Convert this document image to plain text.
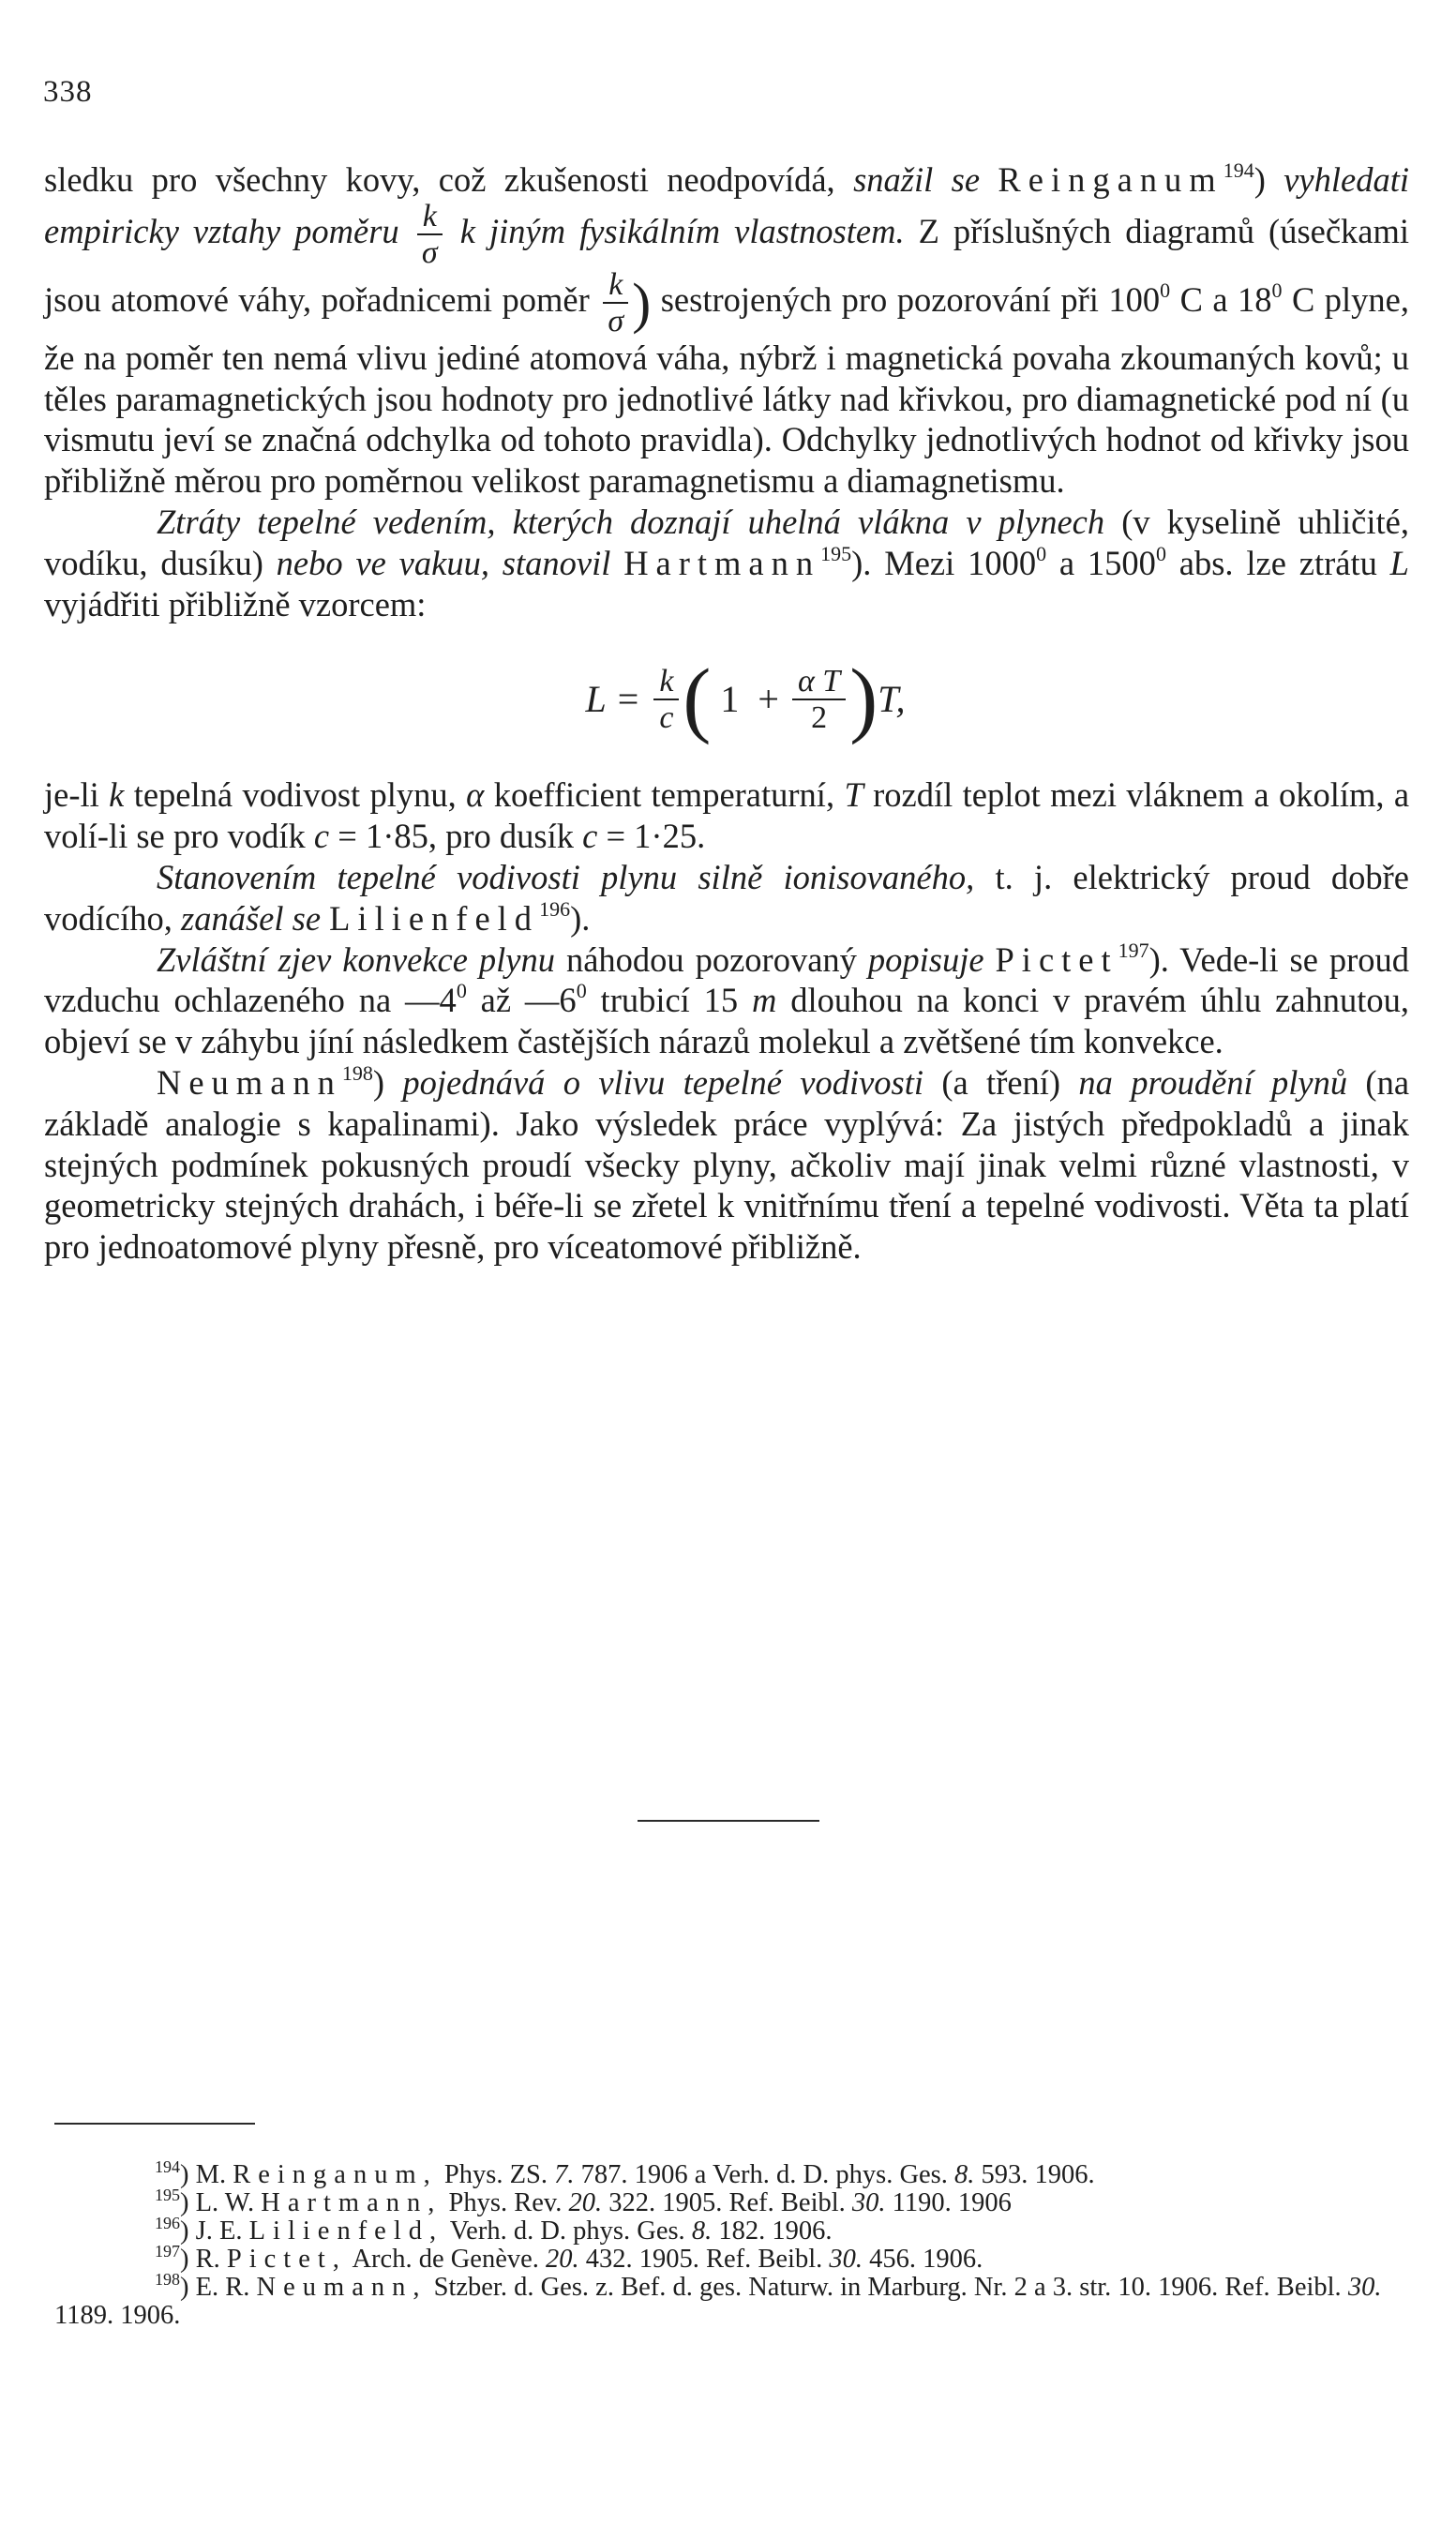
338

sledku pro všechny kovy, což zkušenosti neodpovídá, snažil se Reinganum$^{194}$) vyhledati empiricky vztahy poměru $\frac{k}{\sigma}$ k jiným fysikálním vlastnostem. Z příslušných diagramů (úsečkami jsou atomové váhy, pořadnicemi poměr $\frac{k}{\sigma}$ ) sestrojených pro pozorování při $100^0$ C a $18^0$ C plyne, že na poměr ten nemá vlivu jediné atomová váha, nýbrž i magnetická povaha zkoumaných kovů; u těles paramagnetických jsou hodnoty pro jednotlivé látky nad křivkou, pro diamagnetické pod ní (u vismutu jeví se značná odchylka od tohoto pravidla). Odchylky jednotlivých hodnot od křivky jsou přibližně měrou pro poměrnou velikost paramagnetismu a diamagnetismu.

Ztráty tepelné vedením, kterých doznají uhelná vlákna v plynech (v kyselině uhličité, vodíku, dusíku) nebo ve vakuu, stanovil Hartmann$^{195}$). Mezi 1000$^0$ a 1500$^0$ abs. lze ztrátu L vyjádřiti přibližně vzorcem:

$L = \frac{k}{c}$ ( $1 + \frac{\text{α T}}{2}$ ) T,

je-li k tepelná vodivost plynu, α koefficient temperaturní, T rozdíl teplot mezi vláknem a okolím, a volí-li se pro vodík c = 1·85, pro dusík c = 1·25.

Stanovením tepelné vodivosti plynu silně ionisovaného, t. j. elektrický proud dobře vodícího, zanášel se Lilienfeld$^{196}$).

Zvláštní zjev konvekce plynu náhodou pozorovaný popisuje Pictet$^{197}$). Vede-li se proud vzduchu ochlazeného na $—4^0$ až $—6^0$ trubicí 15 m dlouhou na konci v pravém úhlu zahnutou, objeví se v záhybu jíní následkem častějších nárazů molekul a zvětšené tím konvekce.

Neumann$^{198}$) pojednává o vlivu tepelné vodivosti (a tření) na proudění plynů (na základě analogie s kapalinami). Jako výsledek práce vyplývá: Za jistých předpokladů a jinak stejných podmínek pokusných proudí všecky plyny, ačkoliv mají jinak velmi různé vlastnosti, v geometricky stejných drahách, i béře-li se zřetel k vnitřnímu tření a tepelné vodivosti. Věta ta platí pro jednoatomové plyny přesně, pro víceatomové přibližně.

$^{194}$) M. Reinganum, Phys. ZS. 7. 787. 1906 a Verh. d. D. phys. Ges. 8. 593. 1906.

$^{195}$) L. W. Hartmann, Phys. Rev. 20. 322. 1905. Ref. Beibl. 30. 1190. 1906

$^{196}$) J. E. Lilienfeld, Verh. d. D. phys. Ges. 8. 182. 1906.

$^{197}$) R. Pictet, Arch. de Genève. 20. 432. 1905. Ref. Beibl. 30. 456. 1906.

$^{198}$) E. R. Neumann, Stzber. d. Ges. z. Bef. d. ges. Naturw. in Marburg. Nr. 2 a 3. str. 10. 1906. Ref. Beibl. 30. 1189. 1906.
